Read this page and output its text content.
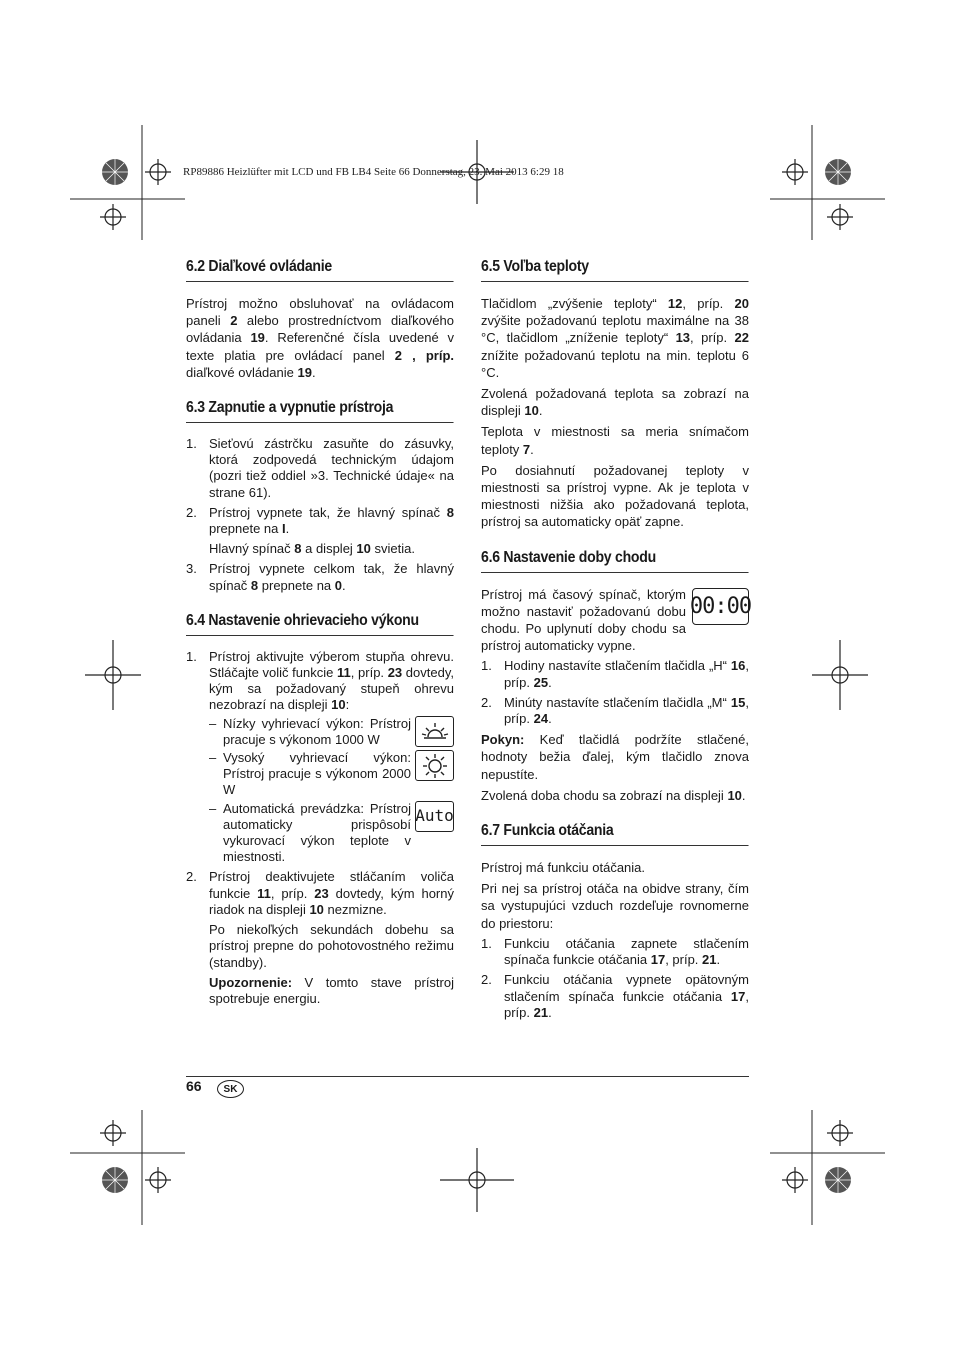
RP89886 Heizlüfter mit LCD und FB LB4 Seite 66 Donnerstag, 23. Mai 2013 6:29 18
6.2 Diaľkové ovládanie

Prístroj možno obsluhovať na ovládacom paneli 2 alebo prostredníctvom diaľkového ovládania 19. Referenčné čísla uvedené v texte platia pre ovládací panel 2 , príp. diaľkové ovládanie 19.

6.3 Zapnutie a vypnutie prístroja
1. Sieťovú zástrčku zasuňte do zásuvky, ktorá zodpovedá technickým údajom (pozri tiež oddiel »3. Technické údaje« na strane 61).
2. Prístroj vypnete tak, že hlavný spínač 8 prepnete na I.
Hlavný spínač 8 a displej 10 svietia.
3. Prístroj vypnete celkom tak, že hlavný spínač 8 prepnete na 0.
6.4 Nastavenie ohrievacieho výkonu
1. Prístroj aktivujte výberom stupňa ohrevu. Stláčajte volič funkcie 11, príp. 23 dovtedy, kým sa požadovaný stupeň ohrevu nezobrazí na displeji 10:
– Nízky vyhrievací výkon: Prístroj pracuje s výkonom 1000 W
– Vysoký vyhrievací výkon: Prístroj pracuje s výkonom 2000 W
– Automatická prevádzka: Prístroj automaticky prispôsobí vykurovací výkon teplote v miestnosti.
Auto
2. Prístroj deaktivujete stláčaním voliča funkcie 11, príp. 23 dovtedy, kým horný riadok na displeji 10 nezmizne.
Po niekoľkých sekundách dobehu sa prístroj prepne do pohotovostného režimu (standby).
Upozornenie: V tomto stave prístroj spotrebuje energiu.
6.5 Voľba teploty

Tlačidlom „zvýšenie teploty“ 12, príp. 20 zvýšite požadovanú teplotu maximálne na 38 °C, tlačidlom „zníženie teploty“ 13, príp. 22 znížite požadovanú teplotu na min. teplotu 6 °C.

Zvolená požadovaná teplota sa zobrazí na displeji 10.

Teplota v miestnosti sa meria snímačom teploty 7.

Po dosiahnutí požadovanej teploty v miestnosti sa prístroj vypne. Ak je teplota v miestnosti nižšia ako požadovaná teplota, prístroj sa automaticky opäť zapne.

6.6 Nastavenie doby chodu
00:00

Prístroj má časový spínač, ktorým možno nastaviť požadovanú dobu chodu. Po uplynutí doby chodu sa prístroj automaticky vypne.

1. Hodiny nastavíte stlačením tlačidla „H“ 16, príp. 25.
2. Minúty nastavíte stlačením tlačidla „M“ 15, príp. 24.

Pokyn: Keď tlačidlá podržíte stlačené, hodnoty bežia ďalej, kým tlačidlo znova nepustíte.

Zvolená doba chodu sa zobrazí na displeji 10.

6.7 Funkcia otáčania

Prístroj má funkciu otáčania.

Pri nej sa prístroj otáča na obidve strany, čím sa vystupujúci vzduch rozdeľuje rovnomerne do priestoru:

1. Funkciu otáčania zapnete stlačením spínača funkcie otáčania 17, príp. 21.
2. Funkciu otáčania vypnete opätovným stlačením spínača funkcie otáčania 17, príp. 21.
66	SK
